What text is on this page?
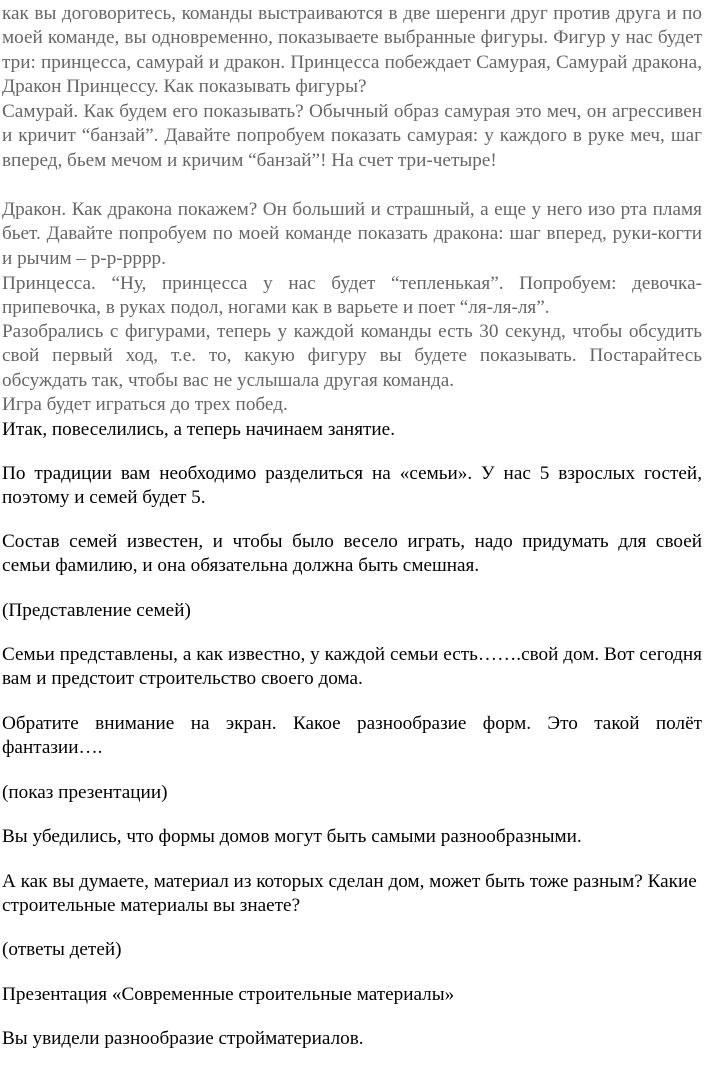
как вы договоритесь, команды выстраиваются в две шеренги друг против друга и по моей команде, вы одновременно, показываете выбранные фигуры. Фигур у нас будет три: принцесса, самурай и дракон. Принцесса побеждает Самурая, Самурай дракона, Дракон Принцессу. Как показывать фигуры?

Самурай. Как будем его показывать? Обычный образ самурая это меч, он агрессивен и кричит “банзай”. Давайте попробуем показать самурая: у каждого в руке меч, шаг вперед, бьем мечом и кричим “банзай”! На счет три-четыре!

Дракон. Как дракона покажем? Он больший и страшный, а еще у него изо рта пламя бьет. Давайте попробуем по моей команде показать дракона: шаг вперед, руки-когти и рычим – р-р-рррр.

Принцесса. “Ну, принцесса у нас будет “тепленькая”. Попробуем: девочка-припевочка, в руках подол, ногами как в варьете и поет “ля-ля-ля”.

Разобрались с фигурами, теперь у каждой команды есть 30 секунд, чтобы обсудить свой первый ход, т.е. то, какую фигуру вы будете показывать. Постарайтесь обсуждать так, чтобы вас не услышала другая команда.

Игра будет играться до трех побед.

Итак, повеселились, а теперь начинаем занятие.

По традиции вам необходимо разделиться на «семьи». У нас 5 взрослых гостей, поэтому и семей будет 5.

Состав семей известен, и чтобы было весело играть, надо придумать для своей семьи фамилию, и она обязательна должна быть смешная.

(Представление семей)

Семьи представлены, а как известно, у каждой семьи есть…….свой дом. Вот сегодня вам и предстоит строительство своего дома.

Обратите внимание на экран. Какое разнообразие форм. Это такой полёт фантазии….

(показ презентации)

Вы убедились, что формы домов могут быть самыми разнообразными.

А как вы думаете, материал из которых сделан дом, может быть тоже разным? Какие строительные материалы вы знаете?

(ответы детей)

Презентация «Современные строительные материалы»

Вы увидели разнообразие стройматериалов.
